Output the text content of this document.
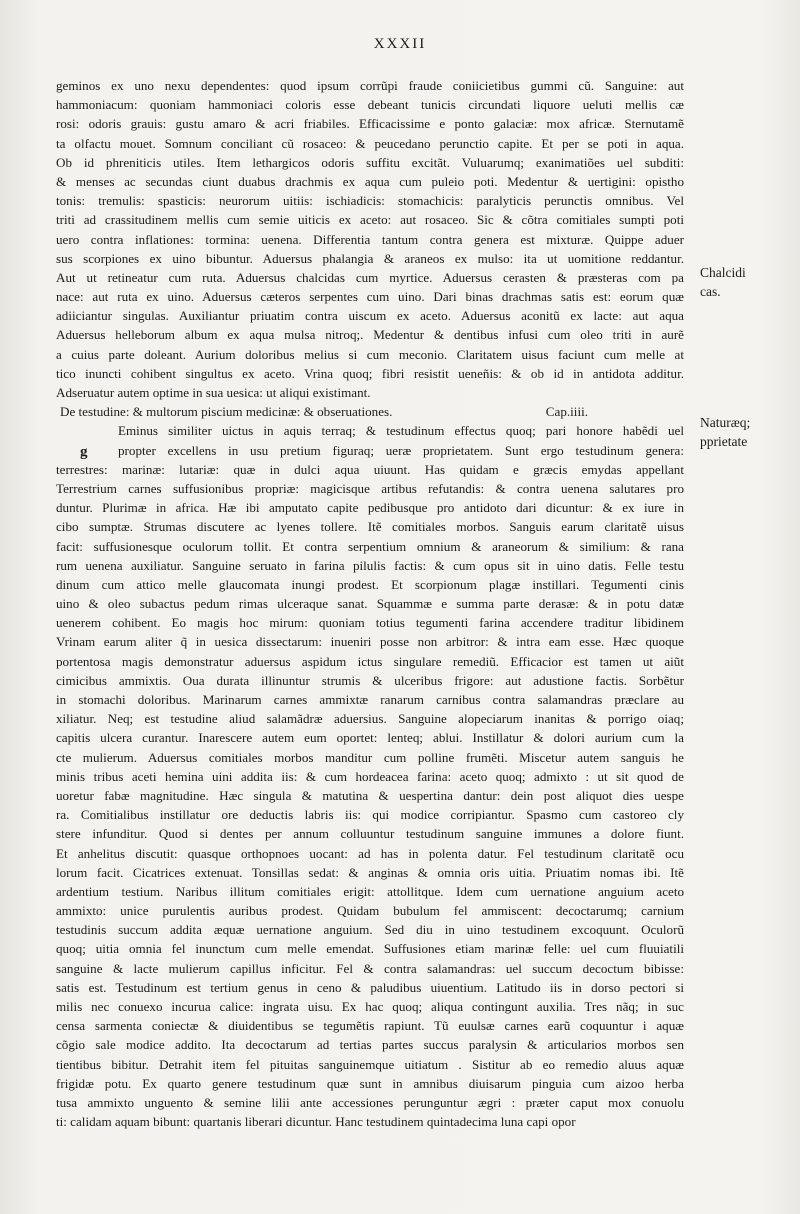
XXXII
geminos ex uno nexu dependentes: quod ipsum corrũpi fraude coniicietibus gummi cũ. Sanguine: aut
hammoniacum: quoniam hammoniaci coloris esse debeant tunicis circundati liquore ueluti mellis cæ
rosi: odoris grauis: gustu amaro & acri friabiles. Efficacissime e ponto galaciæ: mox africæ. Sternutamẽ
ta olfactu mouet. Somnum conciliant cũ rosaceo: & peucedano perunctio capite. Et per se poti in aqua.
Ob id phreniticis utiles. Item lethargicos odoris suffitu excitãt. Vuluarumq; exanimatiões uel subditi:
& menses ac secundas ciunt duabus drachmis ex aqua cum puleio poti. Medentur & uertigini: opistho
tonis: tremulis: spasticis: neurorum uitiis: ischiadicis: stomachicis: paralyticis perunctis omnibus. Vel
triti ad crassitudinem mellis cum semie uiticis ex aceto: aut rosaceo. Sic & cõtra comitiales sumpti poti
uero contra inflationes: tormina: uenena. Differentia tantum contra genera est mixturæ. Quippe aduer
sus scorpiones ex uino bibuntur. Aduersus phalangia & araneos ex mulso: ita ut uomitione reddantur.
Aut ut retineatur cum ruta. Aduersus chalcidas cum myrtice. Aduersus cerasten & præsteras com pa
nace: aut ruta ex uino. Aduersus cæteros serpentes cum uino. Dari binas drachmas satis est: eorum quæ
adiiciantur singulas. Auxiliantur priuatim contra uiscum ex aceto. Aduersus aconitũ ex lacte: aut aqua
Aduersus helleborum album ex aqua mulsa nitroq;. Medentur & dentibus infusi cum oleo triti in aurẽ
a cuius parte doleant. Aurium doloribus melius si cum meconio. Claritatem uisus faciunt cum melle at
tico inuncti cohibent singultus ex aceto. Vrina quoq; fibri resistit ueneñis: & ob id in antidota additur.
Adseruatur autem optime in sua uesica: ut aliqui existimant.
De testudine: & multorum piscium medicinæ: & obseruationes.	Cap.iiii.
g
Eminus similiter uictus in aquis terraq; & testudinum effectus quoq; pari honore habẽdi uel
propter excellens in usu pretium figuraq; ueræ proprietatem. Sunt ergo testudinum genera:
terrestres: marinæ: lutariæ: quæ in dulci aqua uiuunt. Has quidam e græcis emydas appellant
Terrestrium carnes suffusionibus propriæ: magicisque artibus refutandis: & contra uenena salutares pro
duntur. Plurimæ in africa. Hæ ibi amputato capite pedibusque pro antidoto dari dicuntur: & ex iure in
cibo sumptæ. Strumas discutere ac lyenes tollere. Itẽ comitiales morbos. Sanguis earum claritatẽ uisus
facit: suffusionesque oculorum tollit. Et contra serpentium omnium & araneorum & similium: & rana
rum uenena auxiliatur. Sanguine seruato in farina pilulis factis: & cum opus sit in uino datis. Felle testu
dinum cum attico melle glaucomata inungi prodest. Et scorpionum plagæ instillari. Tegumenti cinis
uino & oleo subactus pedum rimas ulceraque sanat. Squammæ e summa parte derasæ: & in potu datæ
uenerem cohibent. Eo magis hoc mirum: quoniam totius tegumenti farina accendere traditur libidinem
Vrinam earum aliter q̃ in uesica dissectarum: inueniri posse non arbitror: & intra eam esse. Hæc quoque
portentosa magis demonstratur aduersus aspidum ictus singulare remediũ. Efficacior est tamen ut aiũt
cimicibus ammixtis. Oua durata illinuntur strumis & ulceribus frigore: aut adustione factis. Sorbẽtur
in stomachi doloribus. Marinarum carnes ammixtæ ranarum carnibus contra salamandras præclare au
xiliatur. Neq; est testudine aliud salamãdræ aduersius. Sanguine alopeciarum inanitas & porrigo oiaq;
capitis ulcera curantur. Inarescere autem eum oportet: lenteq; ablui. Instillatur & dolori aurium cum la
cte mulierum. Aduersus comitiales morbos manditur cum polline frumẽti. Miscetur autem sanguis he
minis tribus aceti hemina uini addita iis: & cum hordeacea farina: aceto quoq; admixto : ut sit quod de
uoretur fabæ magnitudine. Hæc singula & matutina & uespertina dantur: dein post aliquot dies uespe
ra. Comitialibus instillatur ore deductis labris iis: qui modice corripiantur. Spasmo cum castoreo cly
stere infunditur. Quod si dentes per annum colluuntur testudinum sanguine immunes a dolore fiunt.
Et anhelitus discutit: quasque orthopnoes uocant: ad has in polenta datur. Fel testudinum claritatẽ ocu
lorum facit. Cicatrices extenuat. Tonsillas sedat: & anginas & omnia oris uitia. Priuatim nomas ibi. Itẽ
ardentium testium. Naribus illitum comitiales erigit: attollitque. Idem cum uernatione anguium aceto
ammixto: unice purulentis auribus prodest. Quidam bubulum fel ammiscent: decoctarumq; carnium
testudinis succum addita æquæ uernatione anguium. Sed diu in uino testudinem excoquunt. Oculorũ
quoq; uitia omnia fel inunctum cum melle emendat. Suffusiones etiam marinæ felle: uel cum fluuiatili
sanguine & lacte mulierum capillus inficitur. Fel & contra salamandras: uel succum decoctum bibisse:
satis est. Testudinum est tertium genus in ceno & paludibus uiuentium. Latitudo iis in dorso pectori si
milis nec conuexo incurua calice: ingrata uisu. Ex hac quoq; aliqua contingunt auxilia. Tres nãq; in suc
censa sarmenta coniectæ & diuidentibus se tegumẽtis rapiunt. Tũ euulsæ carnes earũ coquuntur i aquæ
cõgio sale modice addito. Ita decoctarum ad tertias partes succus paralysin & articularios morbos sen
tientibus bibitur. Detrahit item fel pituitas sanguinemque uitiatum . Sistitur ab eo remedio aluus aquæ
frigidæ potu. Ex quarto genere testudinum quæ sunt in amnibus diuisarum pinguia cum aizoo herba
tusa ammixto unguento & semine lilii ante accessiones perunguntur ægri : præter caput mox conuolu
ti: calidam aquam bibunt: quartanis liberari dicuntur. Hanc testudinem quintadecima luna capi opor
Chalcidi
cas.
Naturæq;
pprietate
